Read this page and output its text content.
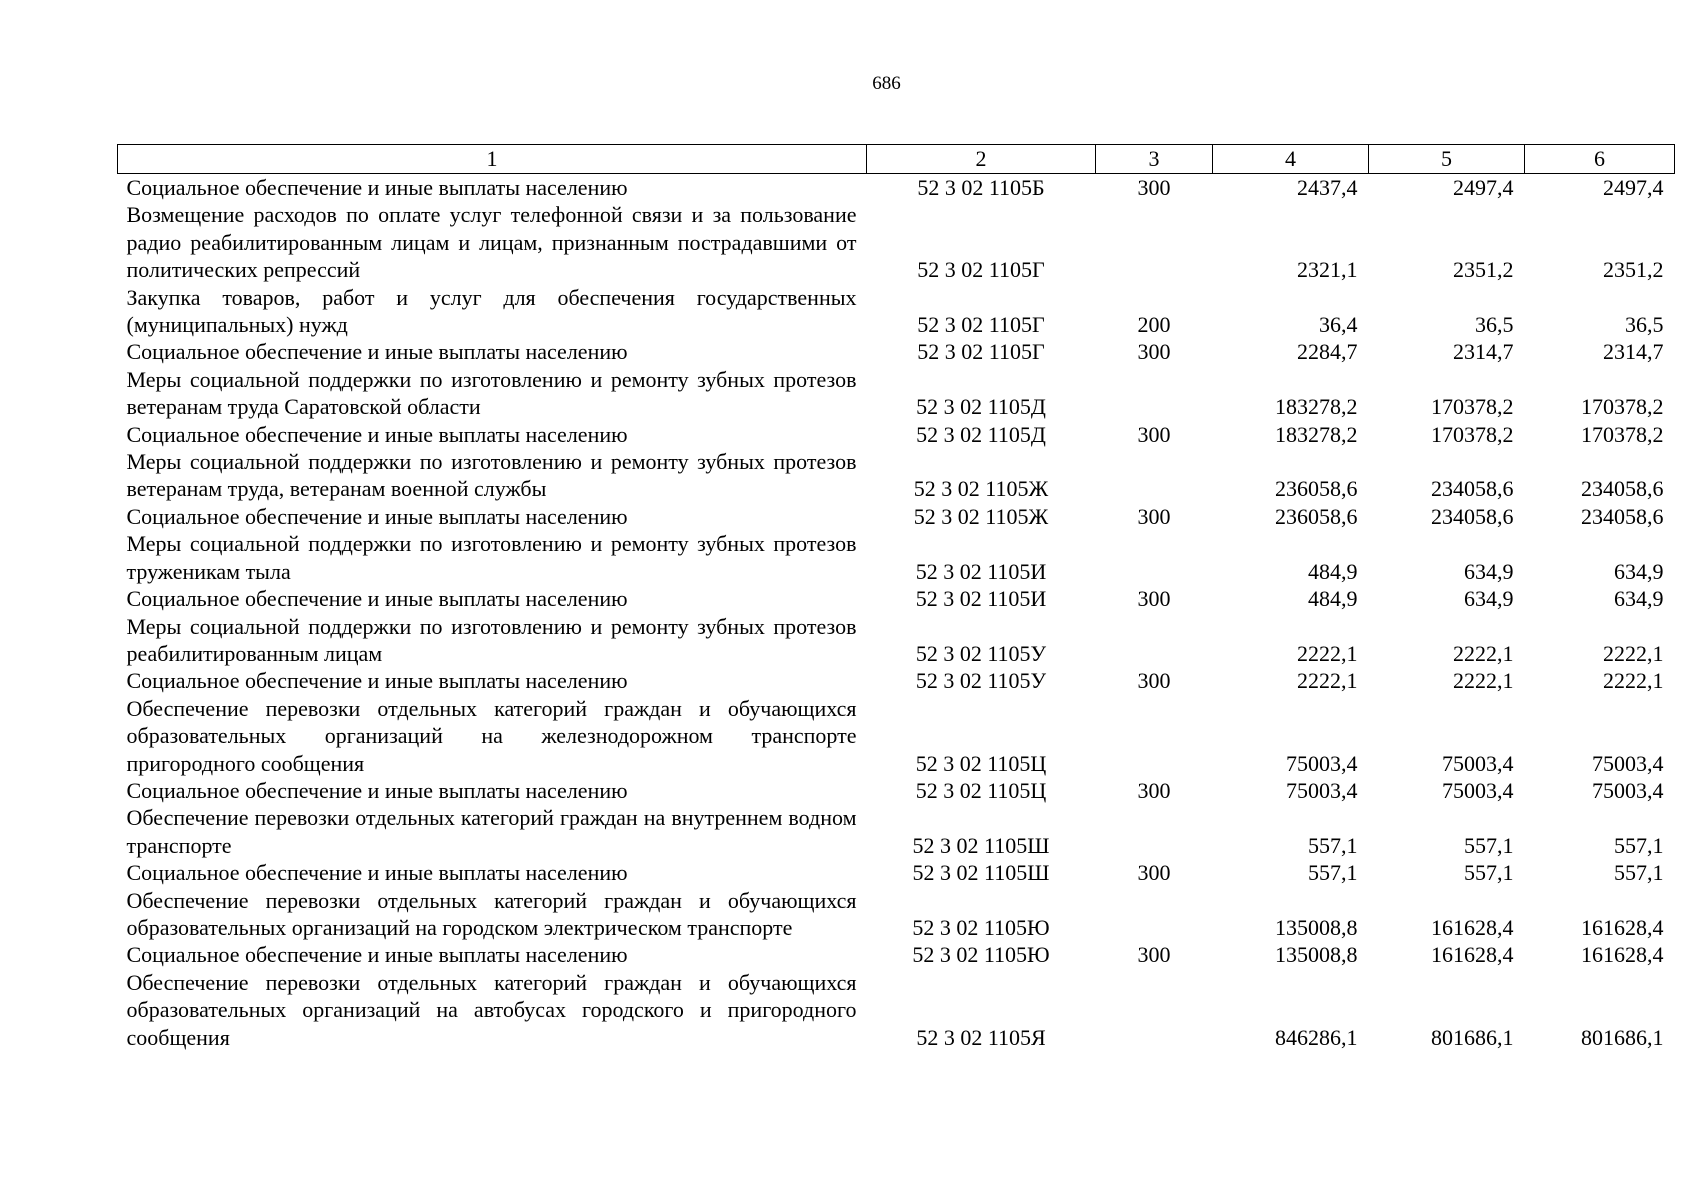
686
1	2	3	4	5	6
Социальное обеспечение и иные выплаты населению	52 3 02 1105Б	300	2437,4	2497,4	2497,4
Возмещение расходов по оплате услуг телефонной связи и за пользование радио реабилитированным лицам и лицам, признанным пострадавшими от политических репрессий	52 3 02 1105Г		2321,1	2351,2	2351,2
Закупка товаров, работ и услуг для обеспечения государственных (муниципальных) нужд	52 3 02 1105Г	200	36,4	36,5	36,5
Социальное обеспечение и иные выплаты населению	52 3 02 1105Г	300	2284,7	2314,7	2314,7
Меры социальной поддержки по изготовлению и ремонту зубных протезов ветеранам труда Саратовской области	52 3 02 1105Д		183278,2	170378,2	170378,2
Социальное обеспечение и иные выплаты населению	52 3 02 1105Д	300	183278,2	170378,2	170378,2
Меры социальной поддержки по изготовлению и ремонту зубных протезов ветеранам труда, ветеранам военной службы	52 3 02 1105Ж		236058,6	234058,6	234058,6
Социальное обеспечение и иные выплаты населению	52 3 02 1105Ж	300	236058,6	234058,6	234058,6
Меры социальной поддержки по изготовлению и ремонту зубных протезов труженикам тыла	52 3 02 1105И		484,9	634,9	634,9
Социальное обеспечение и иные выплаты населению	52 3 02 1105И	300	484,9	634,9	634,9
Меры социальной поддержки по изготовлению и ремонту зубных протезов реабилитированным лицам	52 3 02 1105У		2222,1	2222,1	2222,1
Социальное обеспечение и иные выплаты населению	52 3 02 1105У	300	2222,1	2222,1	2222,1
Обеспечение перевозки отдельных категорий граждан и обучающихся образовательных организаций на железнодорожном транспорте пригородного сообщения	52 3 02 1105Ц		75003,4	75003,4	75003,4
Социальное обеспечение и иные выплаты населению	52 3 02 1105Ц	300	75003,4	75003,4	75003,4
Обеспечение перевозки отдельных категорий граждан на внутреннем водном транспорте	52 3 02 1105Ш		557,1	557,1	557,1
Социальное обеспечение и иные выплаты населению	52 3 02 1105Ш	300	557,1	557,1	557,1
Обеспечение перевозки отдельных категорий граждан и обучающихся образовательных организаций на городском электрическом транспорте	52 3 02 1105Ю		135008,8	161628,4	161628,4
Социальное обеспечение и иные выплаты населению	52 3 02 1105Ю	300	135008,8	161628,4	161628,4
Обеспечение перевозки отдельных категорий граждан и обучающихся образовательных организаций на автобусах городского и пригородного сообщения	52 3 02 1105Я		846286,1	801686,1	801686,1
